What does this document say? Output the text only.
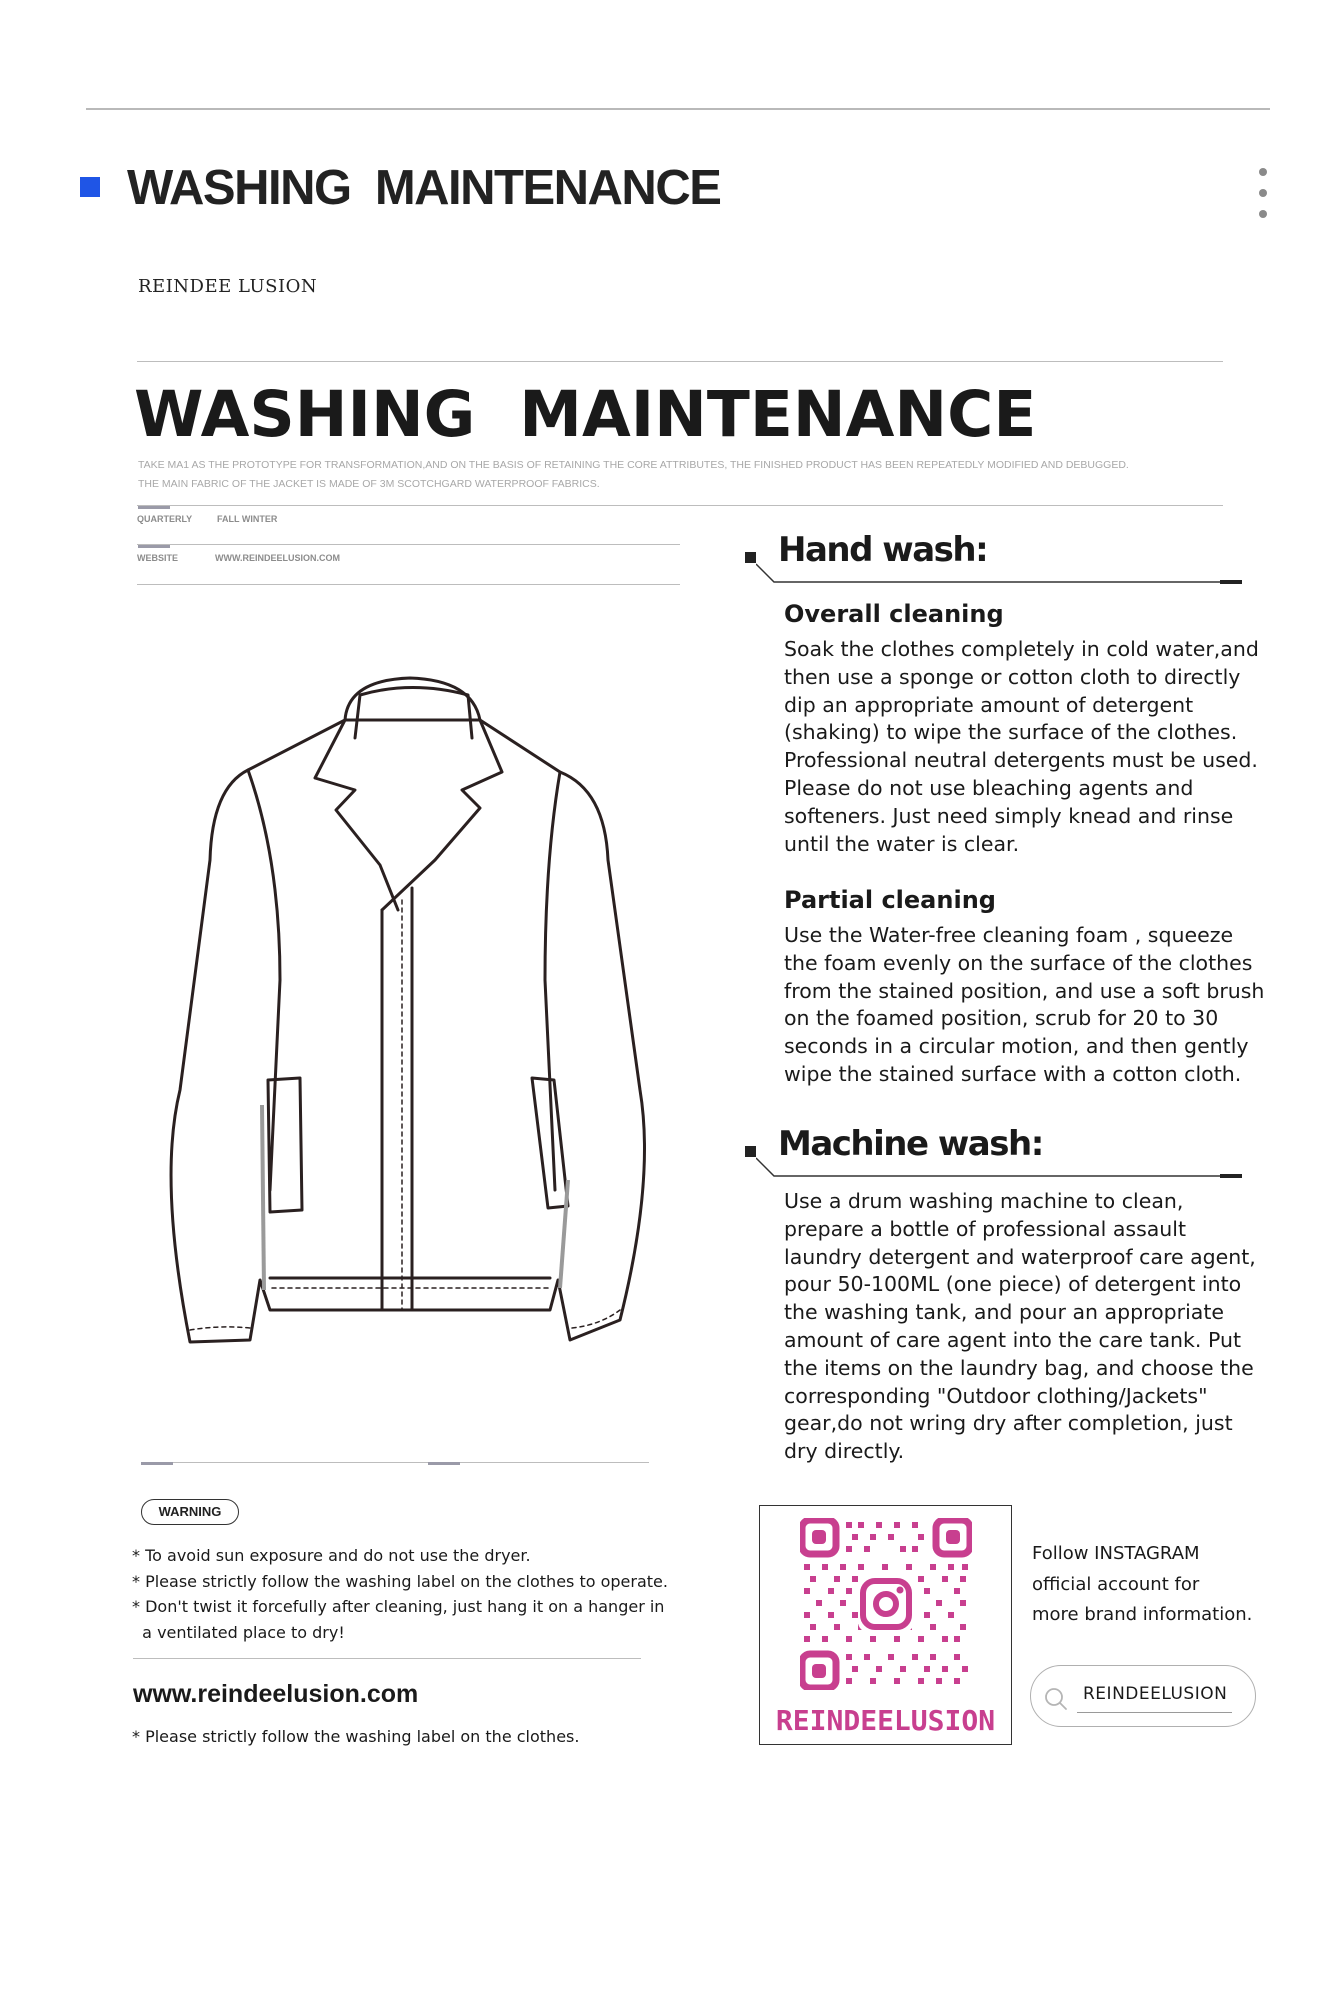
WASHING  MAINTENANCE
REINDEE LUSION
WASHING  MAINTENANCE
TAKE MA1 AS THE PROTOTYPE FOR TRANSFORMATION,AND ON THE BASIS OF RETAINING THE CORE ATTRIBUTES, THE FINISHED PRODUCT HAS BEEN REPEATEDLY MODIFIED AND DEBUGGED.
THE MAIN FABRIC OF THE JACKET IS MADE OF 3M SCOTCHGARD WATERPROOF FABRICS.
QUARTERLY	FALL WINTER
WEBSITE	WWW.REINDEELUSION.COM	Hand wash:
Overall cleaning
Soak the clothes completely in cold water,and
then use a sponge or cotton cloth to directly
dip an appropriate amount of detergent
(shaking) to wipe the surface of the clothes.
Professional neutral detergents must be used.
Please do not use bleaching agents and
softeners. Just need simply knead and rinse
until the water is clear.
Partial cleaning
Use the Water-free cleaning foam , squeeze
the foam evenly on the surface of the clothes
from the stained position, and use a soft brush
on the foamed position, scrub for 20 to 30
seconds in a circular motion, and then gently
wipe the stained surface with a cotton cloth.
Machine wash:
Use a drum washing machine to clean,
prepare a bottle of professional assault
laundry detergent and waterproof care agent,
pour 50-100ML (one piece) of detergent into
the washing tank, and pour an appropriate
amount of care agent into the care tank. Put
the items on the laundry bag, and choose the
corresponding "Outdoor clothing/Jackets"
gear,do not wring dry after completion, just
dry directly.
WARNING
* To avoid sun exposure and do not use the dryer.
* Please strictly follow the washing label on the clothes to operate.
* Don't twist it forcefully after cleaning, just hang it on a hanger in
a ventilated place to dry!
www.reindeelusion.com
* Please strictly follow the washing label on the clothes.	REINDEELUSION
Follow INSTAGRAM
official account for
more brand information.
REINDEELUSION
